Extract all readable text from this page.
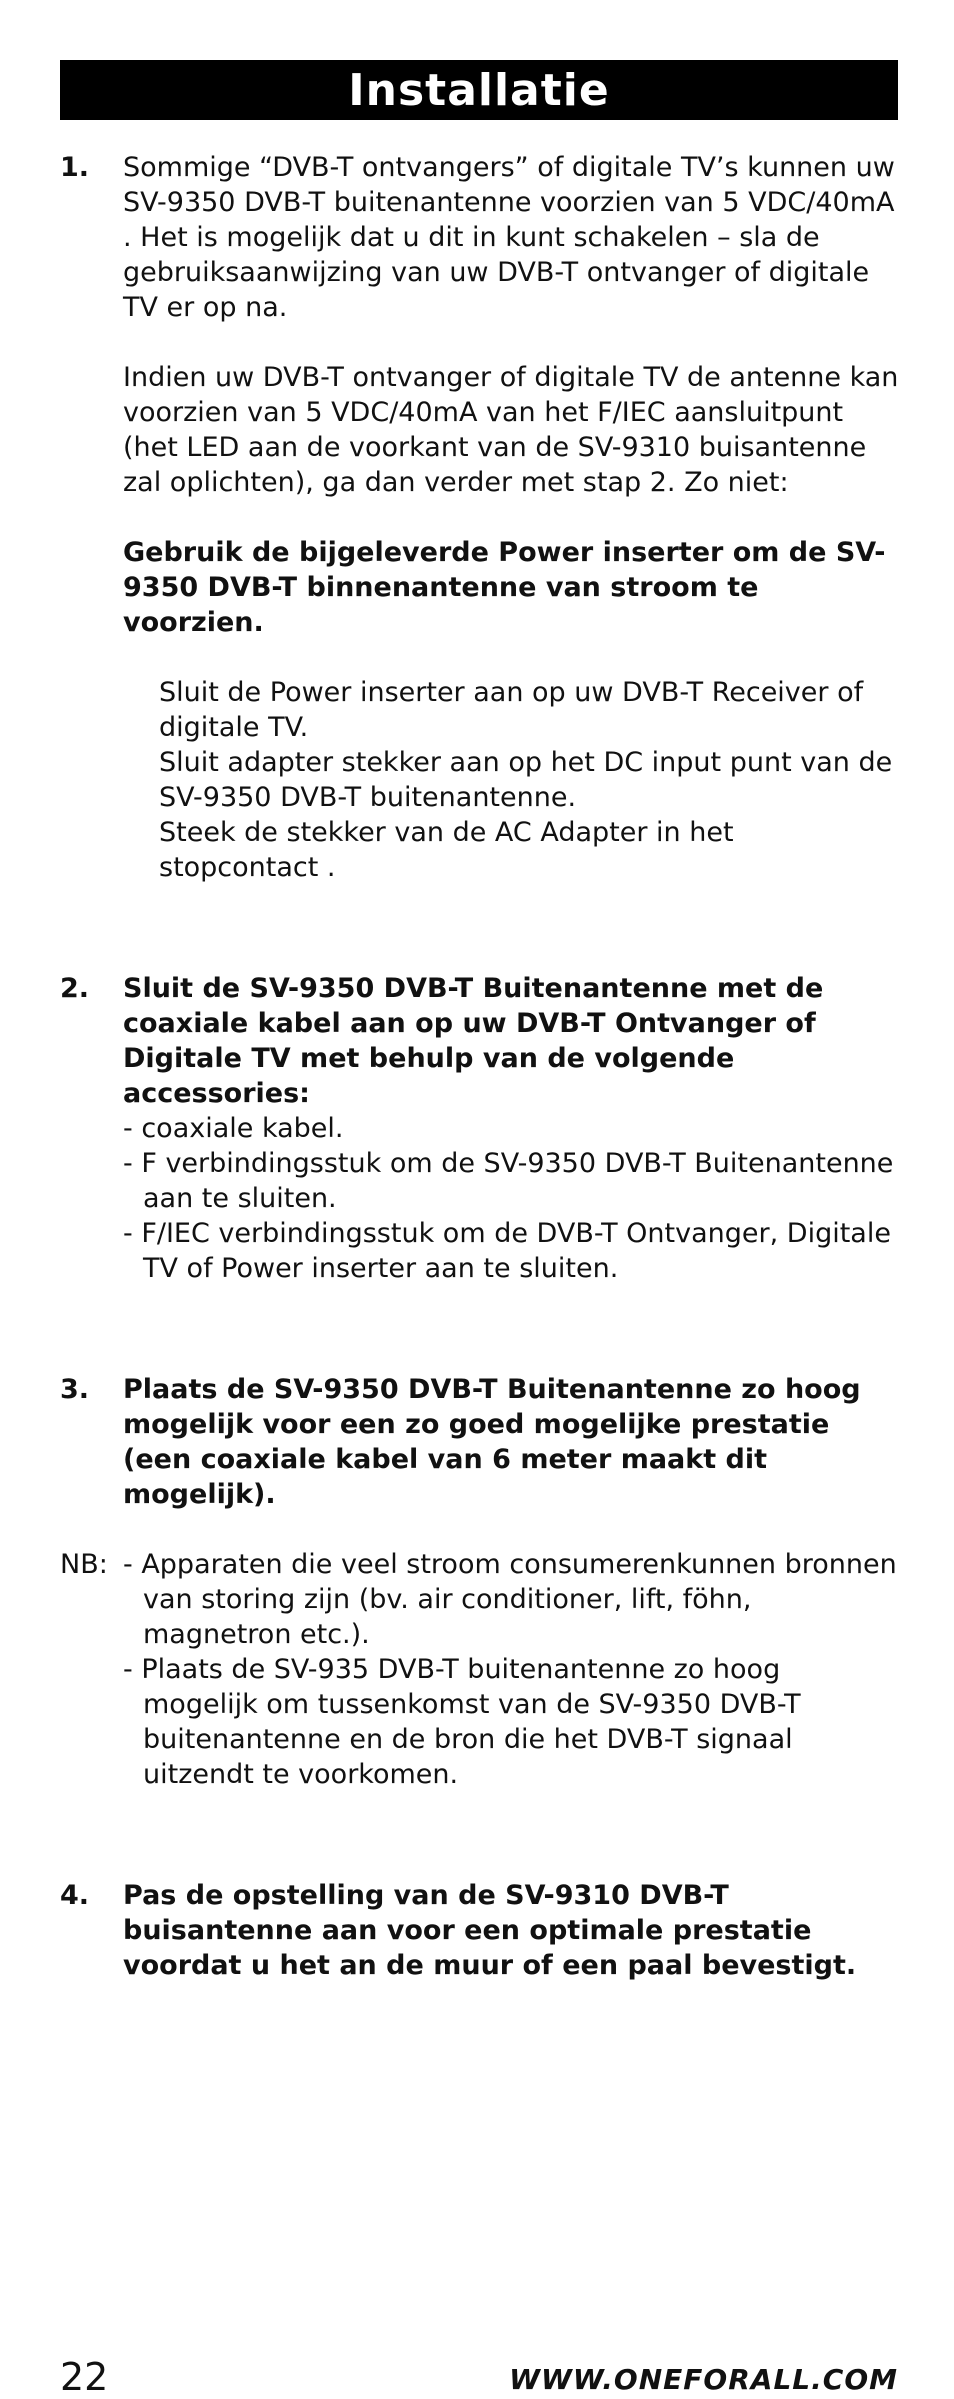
Installatie
1.	Sommige “DVB-T ontvangers” of digitale TV’s kunnen uw SV-9350 DVB-T buitenantenne voorzien van 5 VDC/40mA . Het is mogelijk dat u dit in kunt schakelen – sla de gebruiksaanwijzing van uw DVB-T ontvanger of digitale TV er op na.

Indien uw DVB-T ontvanger of digitale TV de antenne kan voorzien van 5 VDC/40mA van het F/IEC aansluitpunt (het LED aan de voorkant van de SV-9310 buisantenne zal oplichten), ga dan verder met stap 2. Zo niet:

Gebruik de bijgeleverde Power inserter om de SV-9350 DVB-T binnenantenne van stroom te voorzien.

Sluit de Power inserter aan op uw DVB-T Receiver of digitale TV.

Sluit adapter stekker aan op het DC input punt van de SV-9350 DVB-T buitenantenne.

Steek de stekker van de AC Adapter in het stopcontact .

2.	Sluit de SV-9350 DVB-T Buitenantenne met de coaxiale kabel aan op uw DVB-T Ontvanger of Digitale TV met behulp van de volgende accessories:

- coaxiale kabel.

- F verbindingsstuk om de SV-9350 DVB-T Buitenantenne aan te sluiten.

- F/IEC verbindingsstuk om de DVB-T Ontvanger, Digitale TV of Power inserter aan te sluiten.

3.	Plaats de SV-9350 DVB-T Buitenantenne zo hoog mogelijk voor een zo goed mogelijke prestatie (een coaxiale kabel van 6 meter maakt dit mogelijk).

NB: - Apparaten die veel stroom consumerenkunnen bronnen van storing zijn (bv. air conditioner, lift, föhn, magnetron etc.).

- Plaats de SV-935 DVB-T buitenantenne zo hoog mogelijk om tussenkomst van de SV-9350 DVB-T buitenantenne en de bron die het DVB-T signaal uitzendt te voorkomen.

4.	Pas de opstelling van de SV-9310 DVB-T buisantenne aan voor een optimale prestatie voordat u het an de muur of een paal bevestigt.

22	WWW.ONEFORALL.COM
